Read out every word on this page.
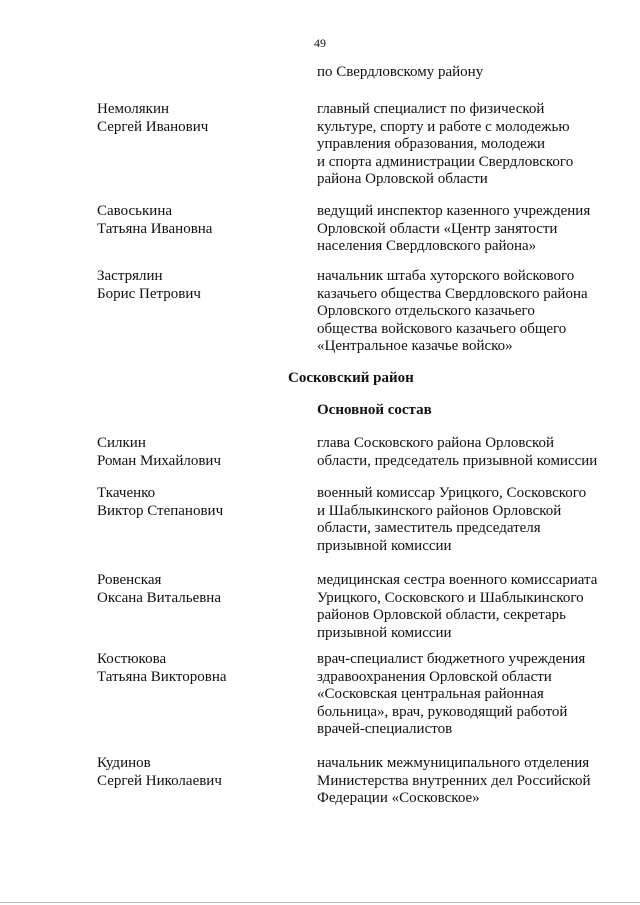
49
по Свердловскому району
Немолякин
Сергей Иванович
главный специалист по физической
культуре, спорту и работе с молодежью
управления образования, молодежи
и спорта администрации Свердловского
района Орловской области
Савоськина
Татьяна Ивановна
ведущий инспектор казенного учреждения
Орловской области «Центр занятости
населения Свердловского района»
Застрялин
Борис Петрович
начальник штаба хуторского войскового
казачьего общества Свердловского района
Орловского отдельского казачьего
общества войскового казачьего общего
«Центральное казачье войско»
Сосковский район
Основной состав
Силкин
Роман Михайлович
глава Сосковского района Орловской
области, председатель призывной комиссии
Ткаченко
Виктор Степанович
военный комиссар Урицкого, Сосковского
и Шаблыкинского районов Орловской
области, заместитель председателя
призывной комиссии
Ровенская
Оксана Витальевна
медицинская сестра военного комиссариата
Урицкого, Сосковского и Шаблыкинского
районов Орловской области, секретарь
призывной комиссии
Костюкова
Татьяна Викторовна
врач-специалист бюджетного учреждения
здравоохранения Орловской области
«Сосковская центральная районная
больница», врач, руководящий работой
врачей-специалистов
Кудинов
Сергей Николаевич
начальник межмуниципального отделения
Министерства внутренних дел Российской
Федерации «Сосковское»
